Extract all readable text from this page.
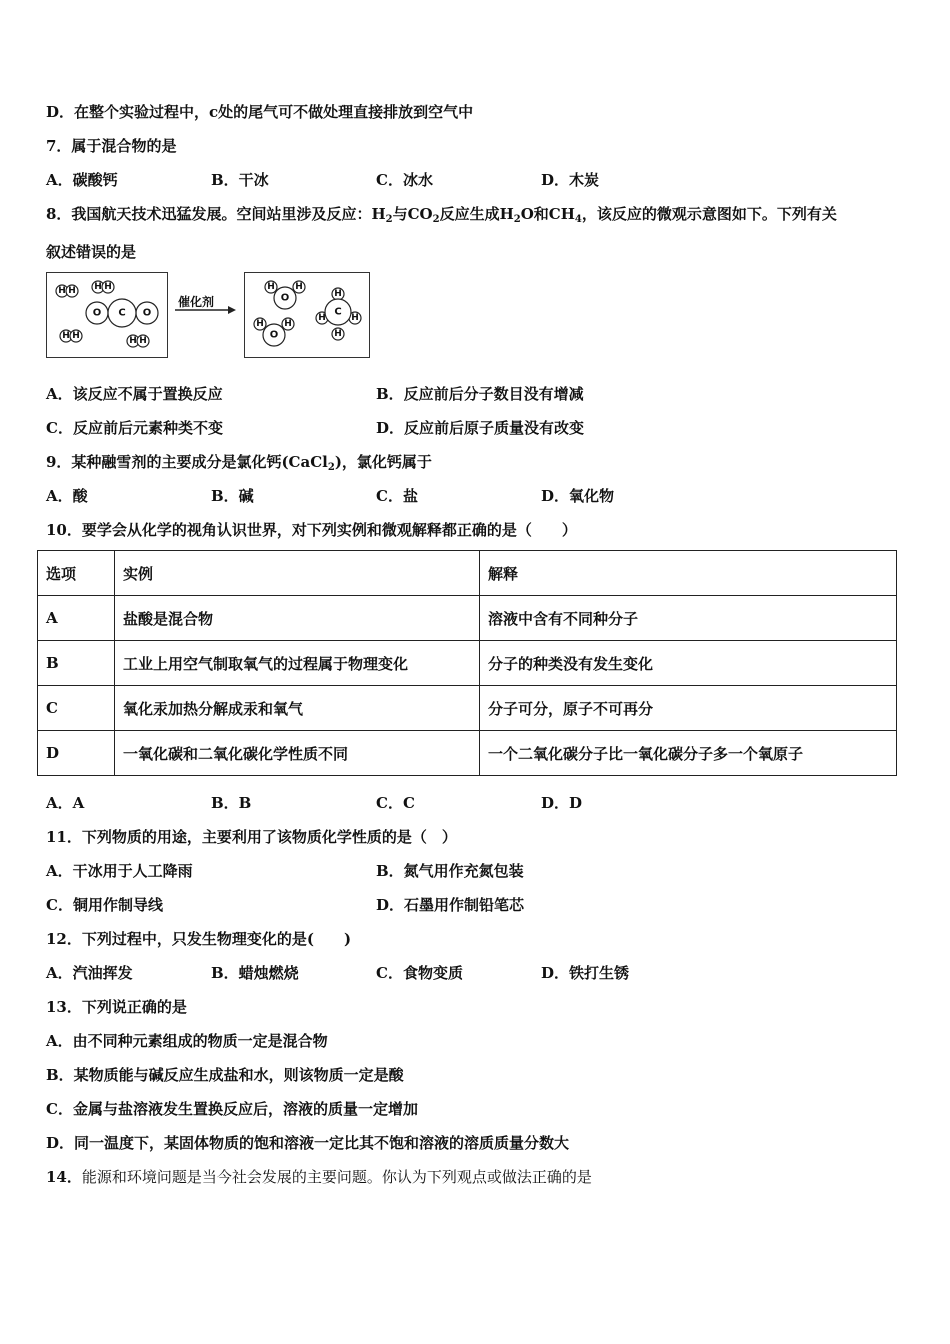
D．在整个实验过程中，c处的尾气可不做处理直接排放到空气中
7．属于混合物的是
A．碳酸钙	B．干冰	C．冰水	D．木炭
8．我国航天技术迅猛发展。空间站里涉及反应：$H_2$与$CO_2$反应生成$H_2O$和$CH_4$，该反应的微观示意图如下。下列有关
叙述错误的是
催化剂
H H H H
H H	H H
O	O
C
H H
O
H H
O
H
H	H
H
C
A．该反应不属于置换反应	B．反应前后分子数目没有增减
C．反应前后元素种类不变	D．反应前后原子质量没有改变
9．某种融雪剂的主要成分是氯化钙(CaCl$_2$)，氯化钙属于
A．酸	B．碱	C．盐	D．氧化物
10．要学会从化学的视角认识世界，对下列实例和微观解释都正确的是（　　）
选项	实例	解释
A	盐酸是混合物	溶液中含有不同种分子
B	工业上用空气制取氧气的过程属于物理变化	分子的种类没有发生变化
C	氧化汞加热分解成汞和氧气	分子可分，原子不可再分
D	一氧化碳和二氧化碳化学性质不同	一个二氧化碳分子比一氧化碳分子多一个氧原子
A．A	B．B	C．C	D．D
11．下列物质的用途，主要利用了该物质化学性质的是（　）
A．干冰用于人工降雨	B．氮气用作充氮包装
C．铜用作制导线	D．石墨用作制铅笔芯
12．下列过程中，只发生物理变化的是(　　)
A．汽油挥发	B．蜡烛燃烧	C．食物变质	D．铁打生锈
13．下列说正确的是
A．由不同种元素组成的物质一定是混合物
B．某物质能与碱反应生成盐和水，则该物质一定是酸
C．金属与盐溶液发生置换反应后，溶液的质量一定增加
D．同一温度下，某固体物质的饱和溶液一定比其不饱和溶液的溶质质量分数大
14．能源和环境问题是当今社会发展的主要问题。你认为下列观点或做法正确的是
